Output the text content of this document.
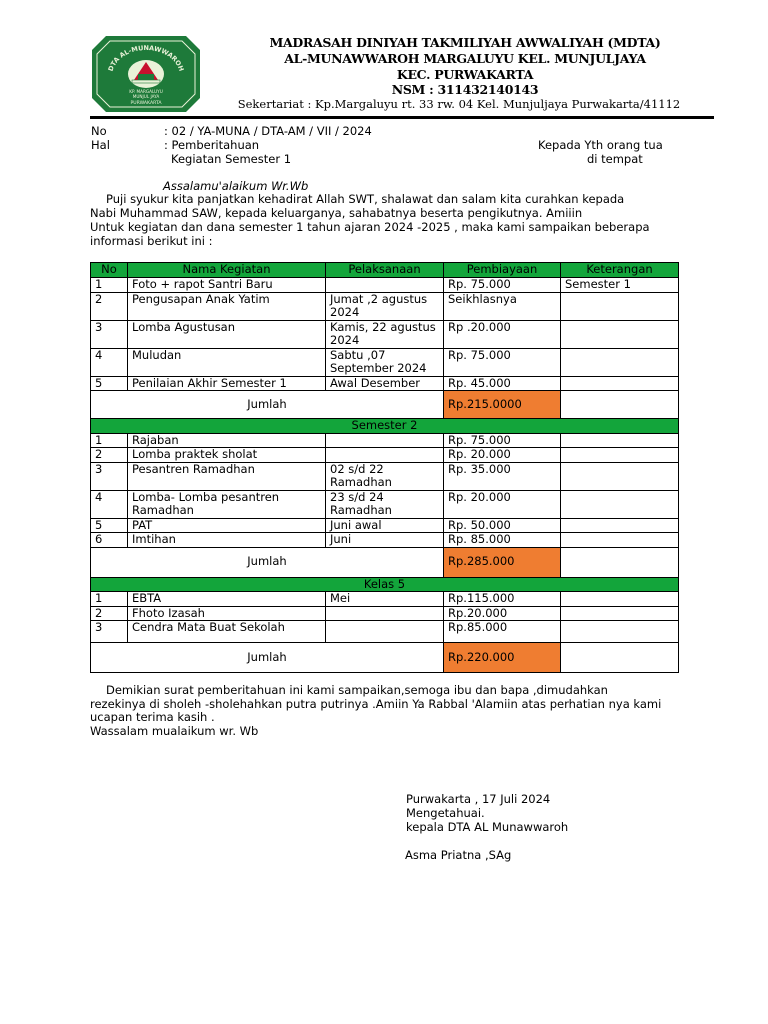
DTA AL-MUNAWWAROH
KP. MARGALUYU
MUNJUL JAYA
PURWAKARTA
MADRASAH DINIYAH TAKMILIYAH AWWALIYAH (MDTA)
AL-MUNAWWAROH MARGALUYU KEL. MUNJULJAYA
KEC. PURWAKARTA
NSM : 311432140143
Sekertariat : Kp.Margaluyu rt. 33 rw. 04 Kel. Munjuljaya Purwakarta/41112
No	: 02 / YA-MUNA / DTA-AM / VII / 2024
Hal	: Pemberitahuan
Kegiatan Semester 1
Kepada Yth orang tua
di tempat
Assalamu'alaikum Wr.Wb
Puji syukur kita panjatkan kehadirat Allah SWT, shalawat dan salam kita curahkan kepada Nabi Muhammad SAW, kepada keluarganya, sahabatnya beserta pengikutnya. Amiiin
Untuk kegiatan dan dana semester 1 tahun ajaran 2024 -2025 , maka kami sampaikan beberapa informasi berikut ini :
No	Nama Kegiatan	Pelaksanaan	Pembiayaan	Keterangan
1	Foto + rapot Santri Baru		Rp. 75.000	Semester 1
2	Pengusapan Anak Yatim	Jumat ,2 agustus 2024	Seikhlasnya	
3	Lomba Agustusan	Kamis, 22 agustus 2024	Rp .20.000	
4	Muludan	Sabtu ,07 September 2024	Rp. 75.000	
5	Penilaian Akhir Semester 1	Awal Desember	Rp. 45.000	
Jumlah			Rp.215.0000	
Semester 2				
1	Rajaban		Rp. 75.000	
2	Lomba praktek sholat		Rp. 20.000	
3	Pesantren Ramadhan	02 s/d 22 Ramadhan	Rp. 35.000	
4	Lomba- Lomba pesantren Ramadhan	23 s/d 24 Ramadhan	Rp. 20.000	
5	PAT	Juni awal	Rp. 50.000	
6	Imtihan	Juni	Rp. 85.000	
Jumlah			Rp.285.000	
Kelas 5				
1	EBTA	Mei	Rp.115.000	
2	Fhoto Izasah		Rp.20.000	
3	Cendra Mata Buat Sekolah		Rp.85.000	
Jumlah			Rp.220.000	
Demikian surat pemberitahuan ini kami sampaikan,semoga ibu dan bapa ,dimudahkan rezekinya di sholeh -sholehahkan putra putrinya .Amiin Ya Rabbal 'Alamiin atas perhatian nya kami ucapan terima kasih .
Wassalam mualaikum wr. Wb
Purwakarta , 17 Juli 2024
Mengetahuai.
kepala DTA AL Munawwaroh
Asma Priatna ,SAg
